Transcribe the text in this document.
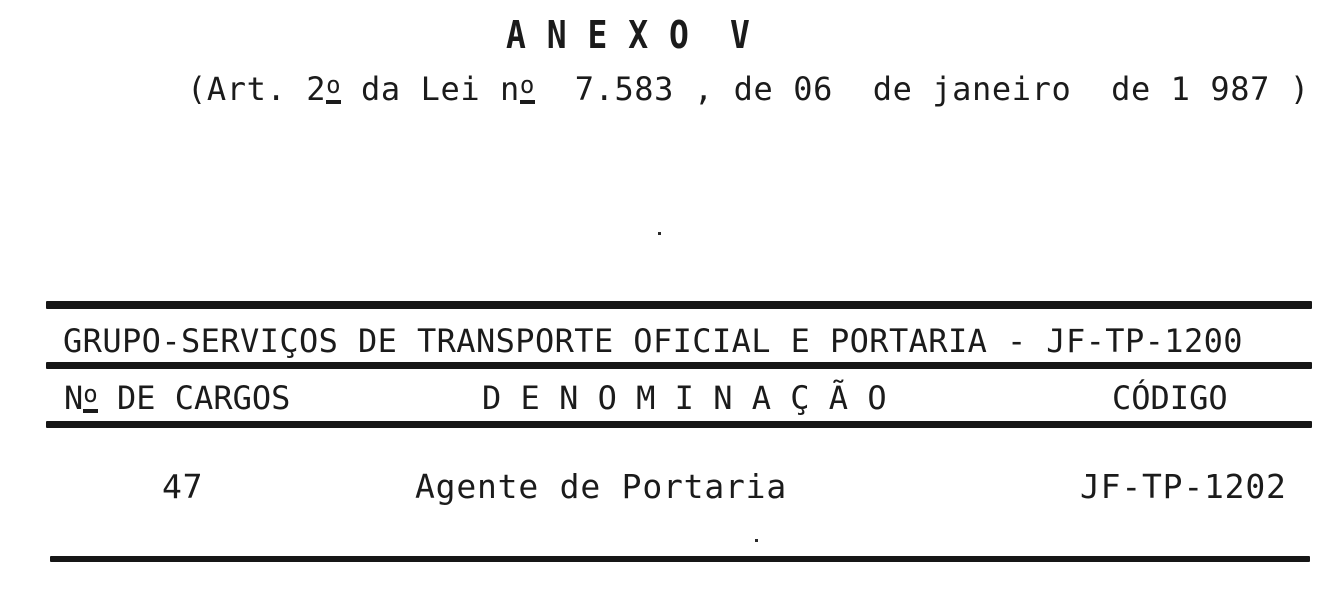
A N E X O  V
(Art. 2o da Lei no  7.583 , de 06  de janeiro  de 1 987 )
GRUPO-SERVIÇOS DE TRANSPORTE OFICIAL E PORTARIA - JF-TP-1200
No DE CARGOS	D E N O M I N A Ç Ã O	CÓDIGO
47	Agente de Portaria	JF-TP-1202
